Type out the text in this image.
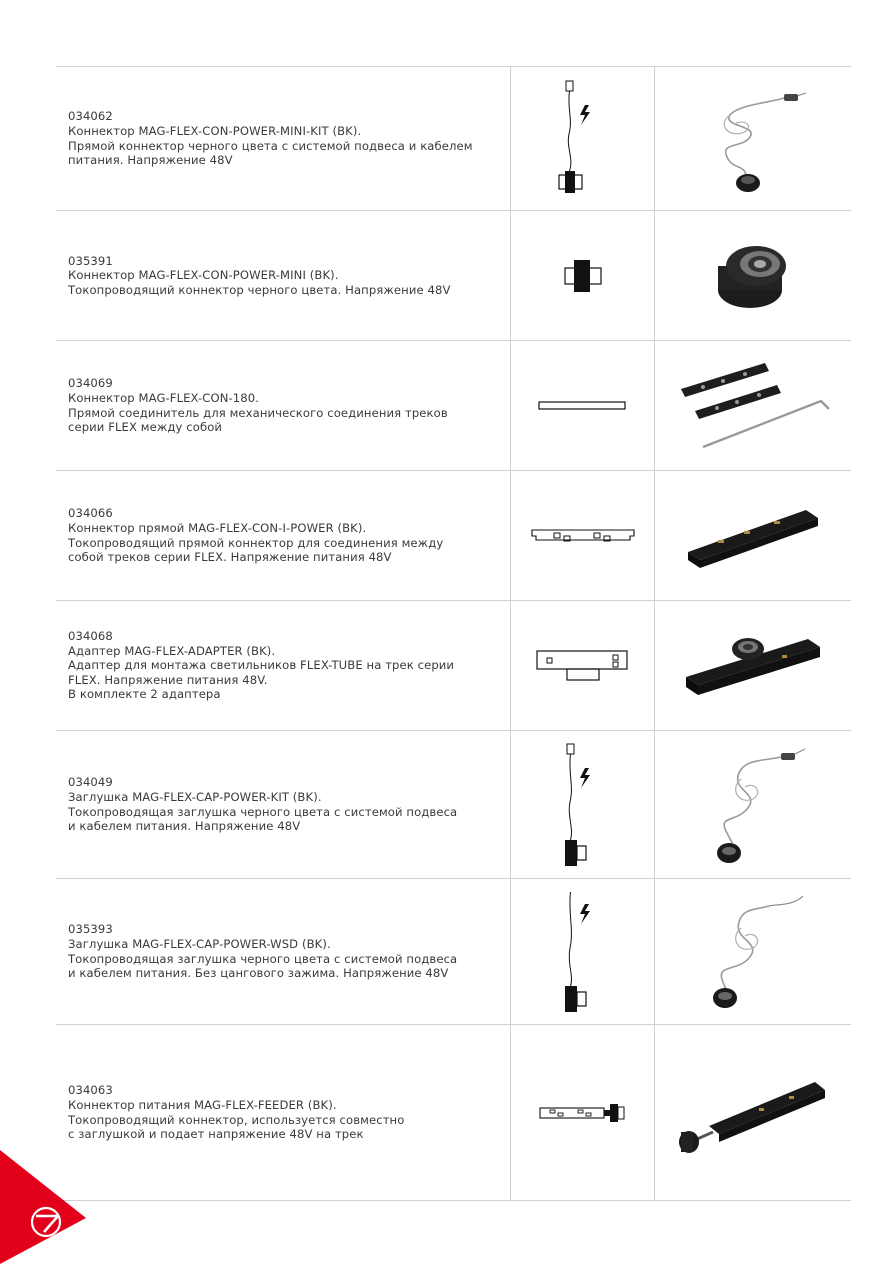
034062
Коннектор MAG-FLEX-CON-POWER-MINI-KIT (BK).
Прямой коннектор черного цвета с системой подвеса и кабелем
питания. Напряжение 48V
035391
Коннектор MAG-FLEX-CON-POWER-MINI (BK).
Токопроводящий коннектор черного цвета. Напряжение 48V
034069
Коннектор MAG-FLEX-CON-180.
Прямой соединитель для механического соединения треков
серии FLEX между собой
034066
Коннектор прямой MAG-FLEX-CON-I-POWER (BK).
Токопроводящий прямой коннектор для соединения между
собой треков серии FLEX. Напряжение питания 48V
034068
Адаптер MAG-FLEX-ADAPTER (BK).
Адаптер для монтажа светильников FLEX-TUBE на трек серии
FLEX. Напряжение питания 48V.
В комплекте 2 адаптера
034049
Заглушка MAG-FLEX-CAP-POWER-KIT (BK).
Токопроводящая заглушка черного цвета с системой подвеса
и кабелем питания. Напряжение 48V
035393
Заглушка MAG-FLEX-CAP-POWER-WSD (BK).
Токопроводящая заглушка черного цвета с системой подвеса
и кабелем питания. Без цангового зажима. Напряжение 48V
034063
Коннектор питания MAG-FLEX-FEEDER (BK).
Токопроводящий коннектор, используется совместно
с заглушкой и подает напряжение 48V на трек
